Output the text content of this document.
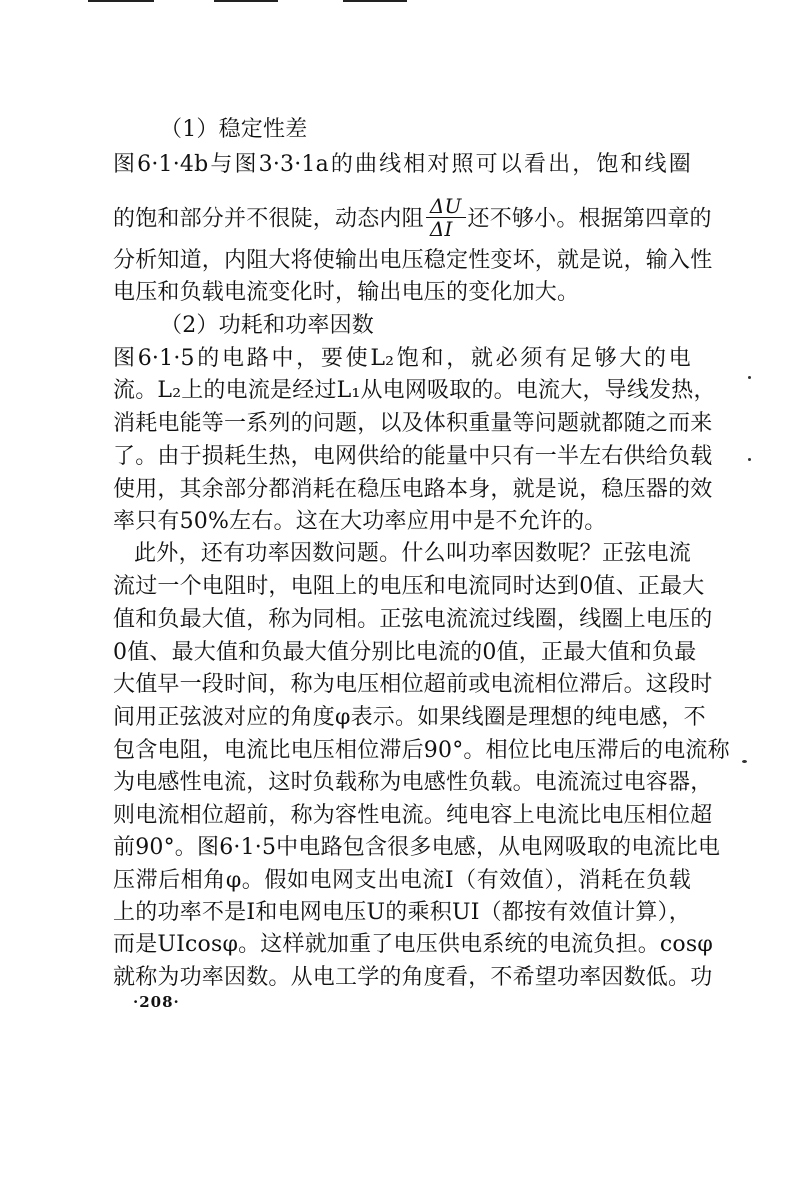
（1）稳定性差
图6·1·4b与图3·3·1a的曲线相对照可以看出，饱和线圈
的饱和部分并不很陡，动态内阻 $\frac{\Delta U}{\Delta I}$ 还不够小。根据第四章的
分析知道，内阻大将使输出电压稳定性变坏，就是说，输入性
电压和负载电流变化时，输出电压的变化加大。
（2）功耗和功率因数
图6·1·5的电路中，要使L₂饱和，就必须有足够大的电
流。L₂上的电流是经过L₁从电网吸取的。电流大，导线发热，
消耗电能等一系列的问题，以及体积重量等问题就都随之而来
了。由于损耗生热，电网供给的能量中只有一半左右供给负载
使用，其余部分都消耗在稳压电路本身，就是说，稳压器的效
率只有50%左右。这在大功率应用中是不允许的。
此外，还有功率因数问题。什么叫功率因数呢？正弦电流
流过一个电阻时，电阻上的电压和电流同时达到0值、正最大
值和负最大值，称为同相。正弦电流流过线圈，线圈上电压的
0值、最大值和负最大值分别比电流的0值，正最大值和负最
大值早一段时间，称为电压相位超前或电流相位滞后。这段时
间用正弦波对应的角度φ表示。如果线圈是理想的纯电感，不
包含电阻，电流比电压相位滞后90°。相位比电压滞后的电流称
为电感性电流，这时负载称为电感性负载。电流流过电容器，
则电流相位超前，称为容性电流。纯电容上电流比电压相位超
前90°。图6·1·5中电路包含很多电感，从电网吸取的电流比电
压滞后相角φ。假如电网支出电流I（有效值），消耗在负载
上的功率不是I和电网电压U的乘积UI（都按有效值计算），
而是UIcosφ。这样就加重了电压供电系统的电流负担。cosφ
就称为功率因数。从电工学的角度看，不希望功率因数低。功
·208·
